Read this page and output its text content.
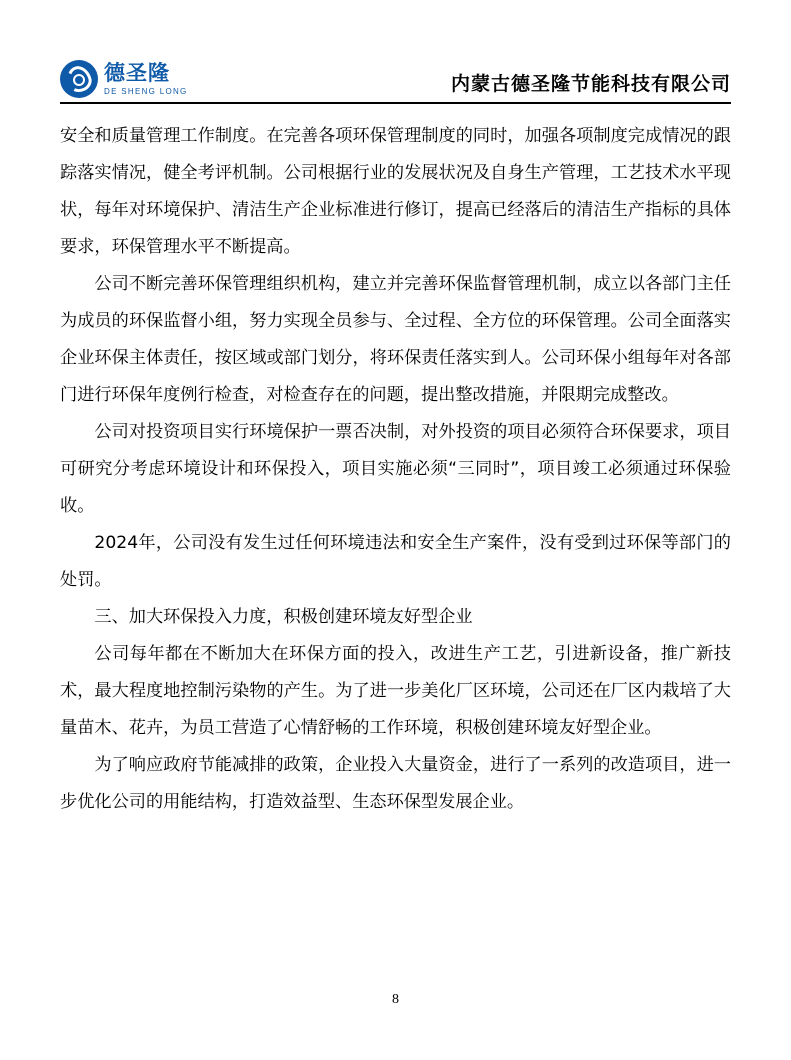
德圣隆
DE SHENG LONG	内蒙古德圣隆节能科技有限公司

安全和质量管理工作制度。在完善各项环保管理制度的同时，加强各项制度完成情况的跟踪落实情况，健全考评机制。公司根据行业的发展状况及自身生产管理，工艺技术水平现状，每年对环境保护、清洁生产企业标准进行修订，提高已经落后的清洁生产指标的具体要求，环保管理水平不断提高。

公司不断完善环保管理组织机构，建立并完善环保监督管理机制，成立以各部门主任为成员的环保监督小组，努力实现全员参与、全过程、全方位的环保管理。公司全面落实企业环保主体责任，按区域或部门划分，将环保责任落实到人。公司环保小组每年对各部门进行环保年度例行检查，对检查存在的问题，提出整改措施，并限期完成整改。

公司对投资项目实行环境保护一票否决制，对外投资的项目必须符合环保要求，项目可研究分考虑环境设计和环保投入，项目实施必须“三同时”，项目竣工必须通过环保验收。

2024年，公司没有发生过任何环境违法和安全生产案件，没有受到过环保等部门的处罚。

三、加大环保投入力度，积极创建环境友好型企业

公司每年都在不断加大在环保方面的投入，改进生产工艺，引进新设备，推广新技术，最大程度地控制污染物的产生。为了进一步美化厂区环境，公司还在厂区内栽培了大量苗木、花卉，为员工营造了心情舒畅的工作环境，积极创建环境友好型企业。

为了响应政府节能减排的政策，企业投入大量资金，进行了一系列的改造项目，进一步优化公司的用能结构，打造效益型、生态环保型发展企业。

8
